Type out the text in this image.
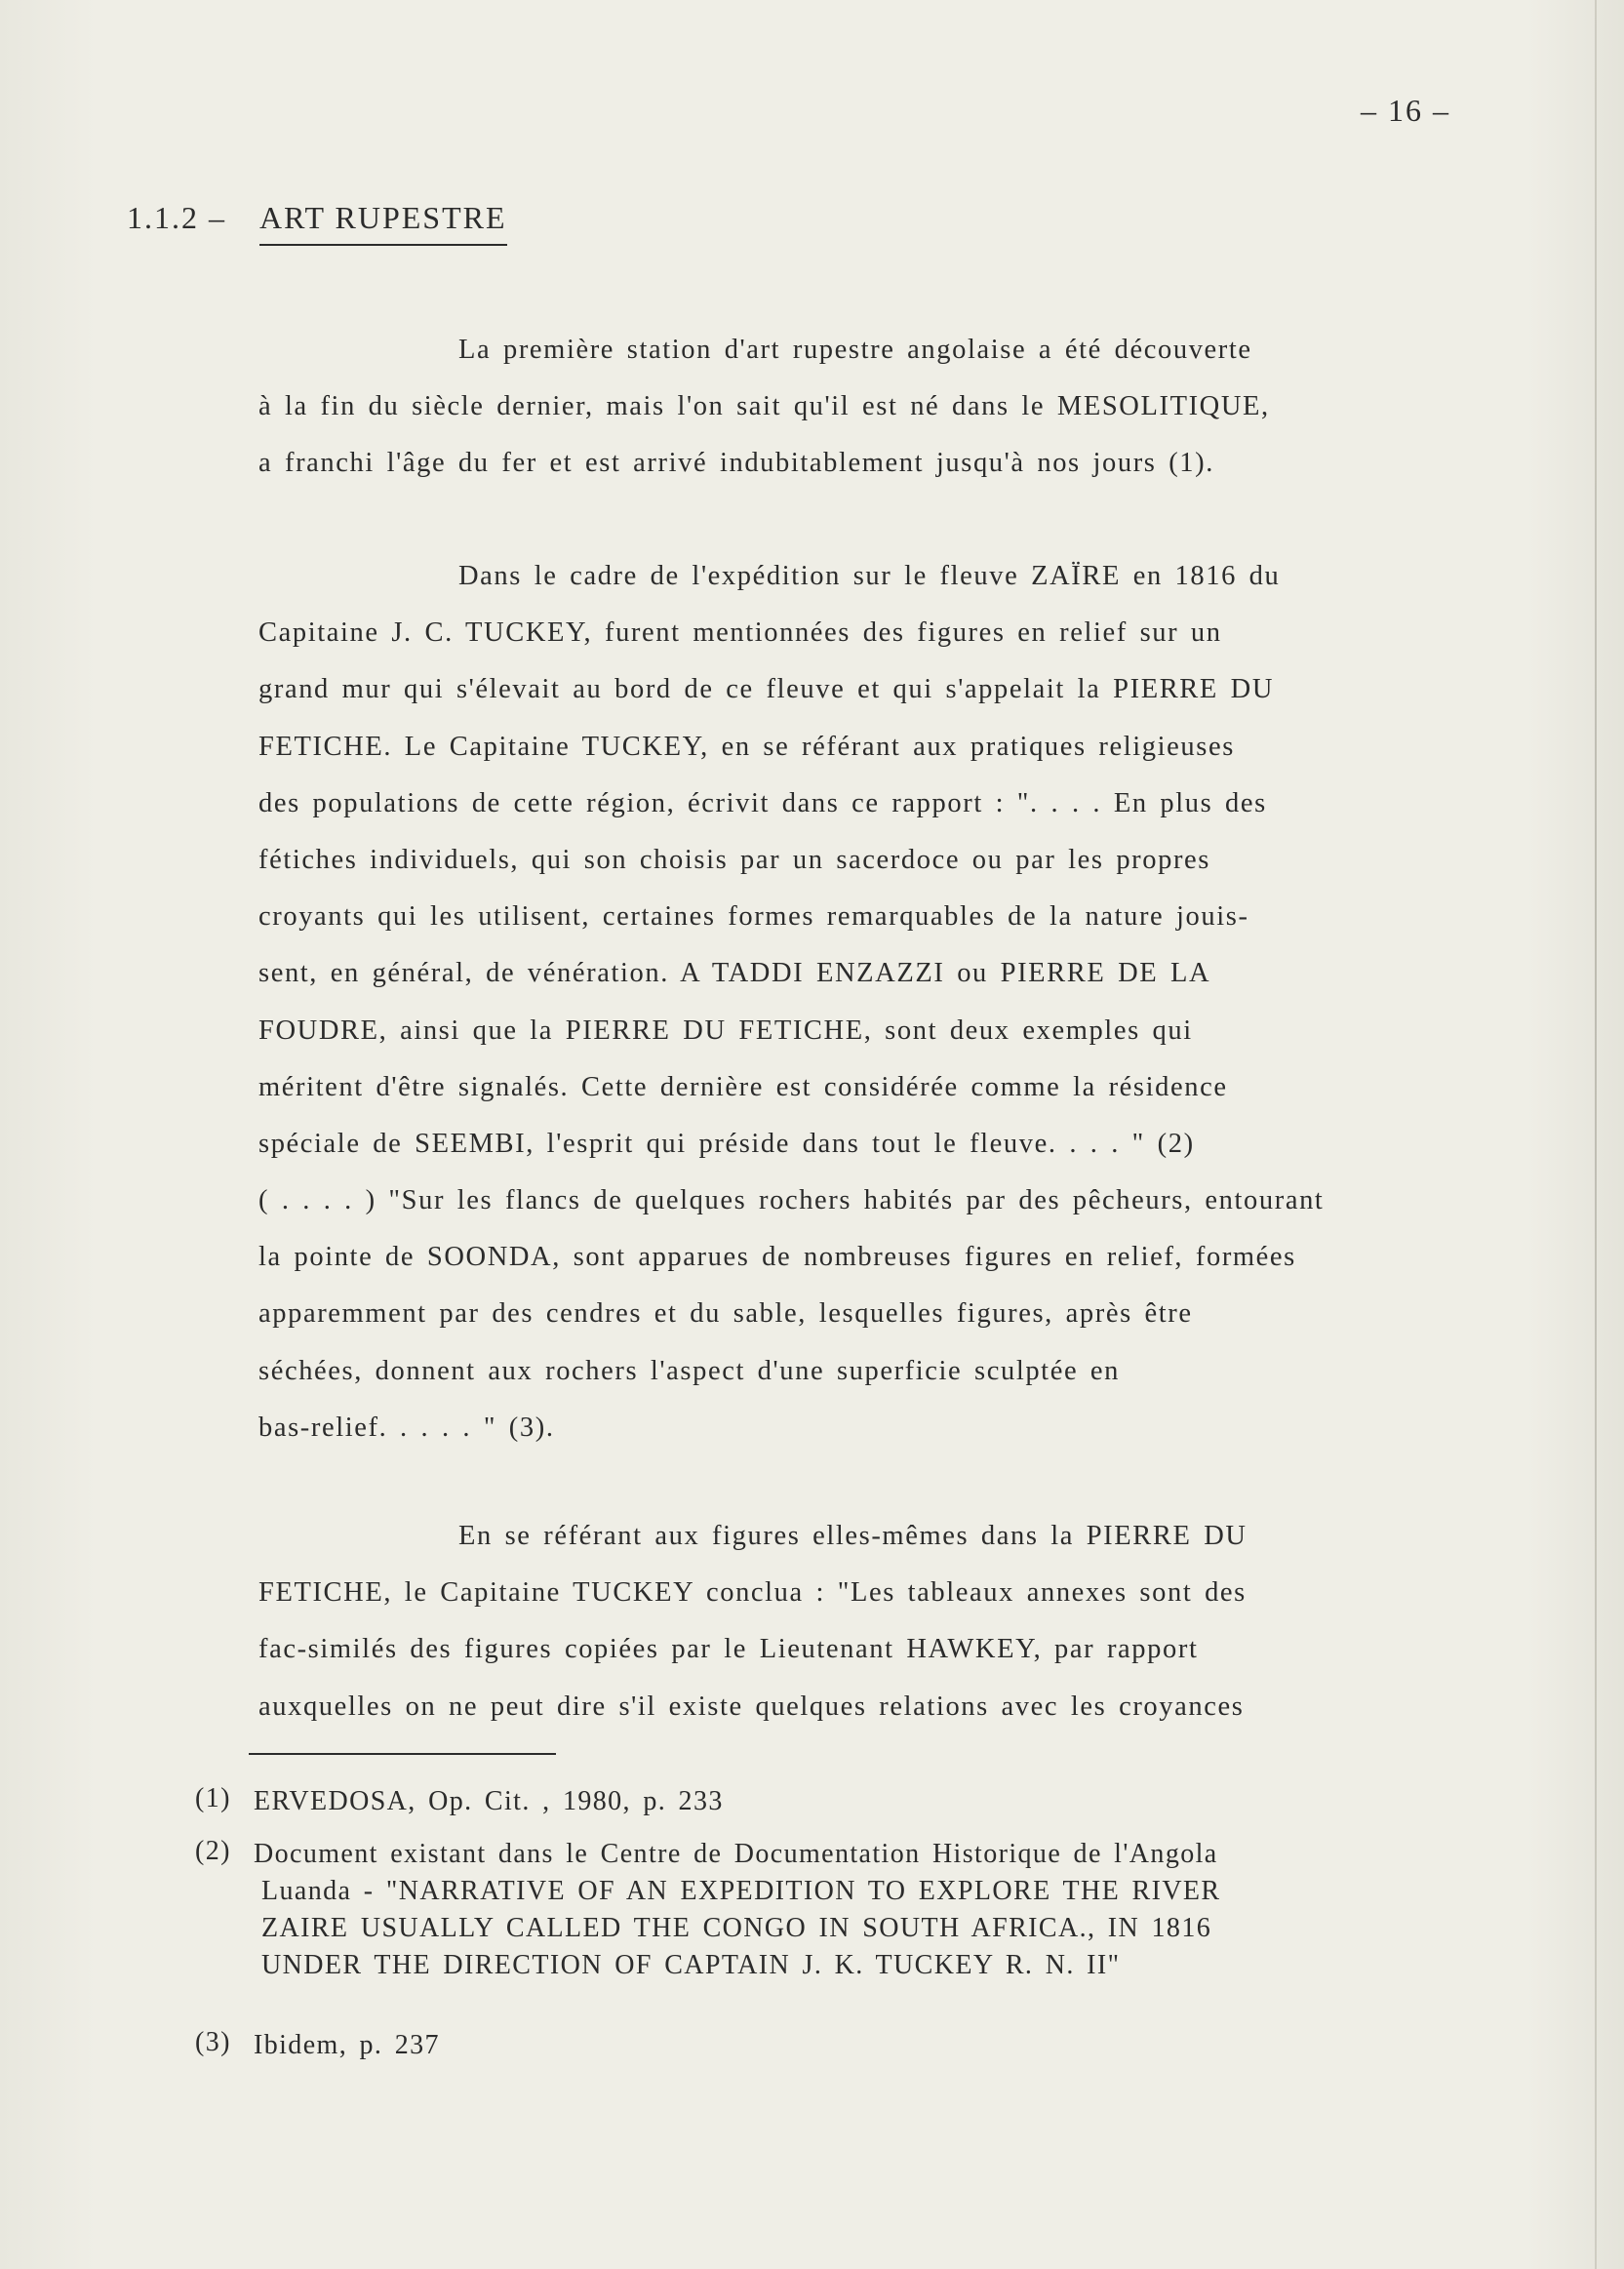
– 16 –
1.1.2 – ART RUPESTRE
La première station d'art rupestre angolaise a été découverte
à la fin du siècle dernier, mais l'on sait qu'il est né dans le MESOLITIQUE,
a franchi l'âge du fer et est arrivé indubitablement jusqu'à nos jours (1).
Dans le cadre de l'expédition sur le fleuve ZAÏRE en 1816 du
Capitaine J. C. TUCKEY, furent mentionnées des figures en relief sur un
grand mur qui s'élevait au bord de ce fleuve et qui s'appelait la PIERRE DU
FETICHE. Le Capitaine TUCKEY, en se référant aux pratiques religieuses
des populations de cette région, écrivit dans ce rapport : ". . . . En plus des
fétiches individuels, qui son choisis par un sacerdoce ou par les propres
croyants qui les utilisent, certaines formes remarquables de la nature jouis-
sent, en général, de vénération. A TADDI ENZAZZI ou PIERRE DE LA
FOUDRE, ainsi que la PIERRE DU FETICHE, sont deux exemples qui
méritent d'être signalés. Cette dernière est considérée comme la résidence
spéciale de SEEMBI, l'esprit qui préside dans tout le fleuve. . . . " (2)
( . . . . ) "Sur les flancs de quelques rochers habités par des pêcheurs, entourant
la pointe de SOONDA, sont apparues de nombreuses figures en relief, formées
apparemment par des cendres et du sable, lesquelles figures, après être
séchées, donnent aux rochers l'aspect d'une superficie sculptée en
bas-relief. . . . . " (3).
En se référant aux figures elles-mêmes dans la PIERRE DU
FETICHE, le Capitaine TUCKEY conclua : "Les tableaux annexes sont des
fac-similés des figures copiées par le Lieutenant HAWKEY, par rapport
auxquelles on ne peut dire s'il existe quelques relations avec les croyances
(1) ERVEDOSA, Op. Cit. , 1980, p. 233
(2) Document existant dans le Centre de Documentation Historique de l'Angola
Luanda - "NARRATIVE OF AN EXPEDITION TO EXPLORE THE RIVER
ZAIRE USUALLY CALLED THE CONGO IN SOUTH AFRICA., IN 1816
UNDER THE DIRECTION OF CAPTAIN J. K. TUCKEY R. N. II"
(3) Ibidem, p. 237
